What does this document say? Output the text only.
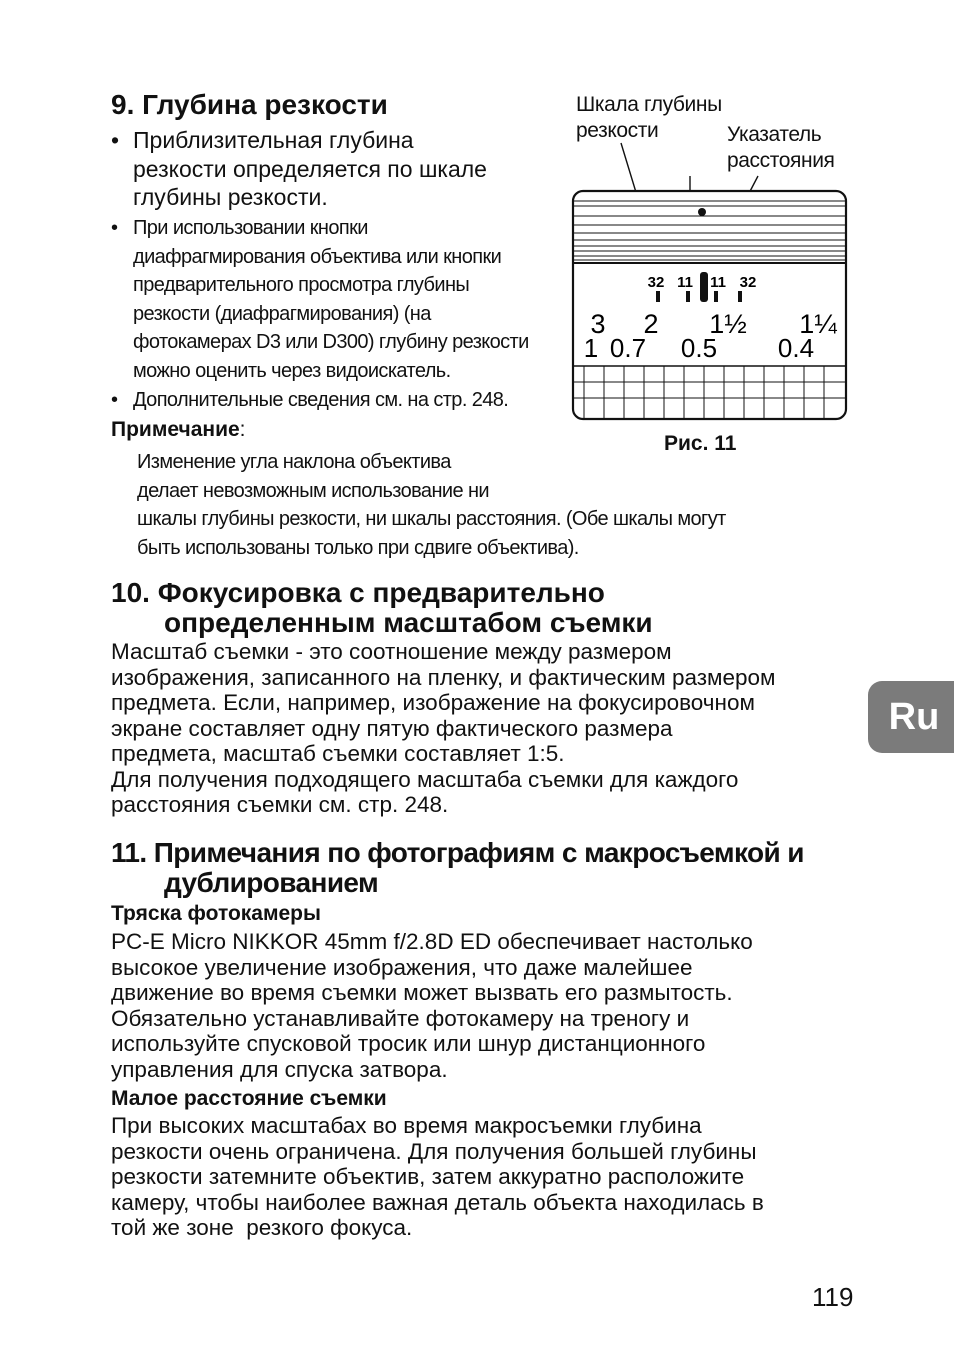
9. Глубина резкости
• Приблизительная глубина
резкости определяется по шкале
глубины резкости.
• При использовании кнопки
диафрагмирования объектива или кнопки
предварительного просмотра глубины
резкости (диафрагмирования) (на
фотокамерах D3 или D300) глубину резкости
можно оценить через видоискатель.
• Дополнительные сведения см. на стр. 248.
Примечание:
Изменение угла наклона объектива
делает невозможным использование ни
шкалы глубины резкости, ни шкалы расстояния. (Обе шкалы могут
быть использованы только при сдвиге объектива).
Шкала глубины
резкости	Указатель
расстояния
32 11 11 32
3 2 1½ 1¼
1 0.7 0.5 0.4
Рис. 11
10. Фокусировка с предварительно
определенным масштабом съемки
Масштаб съемки - это соотношение между размером
изображения, записанного на пленку, и фактическим размером
предмета. Если, например, изображение на фокусировочном
экране составляет одну пятую фактического размера
предмета, масштаб съемки составляет 1:5.
Для получения подходящего масштаба съемки для каждого
расстояния съемки см. стр. 248.
11. Примечания по фотографиям с макросъемкой и
дублированием
Тряска фотокамеры
PC-E Micro NIKKOR 45mm f/2.8D ED обеспечивает настолько
высокое увеличение изображения, что даже малейшее
движение во время съемки может вызвать его размытость.
Обязательно устанавливайте фотокамеру на треногу и
используйте спусковой тросик или шнур дистанционного
управления для спуска затвора.
Малое расстояние съемки
При высоких масштабах во время макросъемки глубина
резкости очень ограничена. Для получения большей глубины
резкости затемните объектив, затем аккуратно расположите
камеру, чтобы наиболее важная деталь объекта находилась в
той же зоне  резкого фокуса.
Ru
119
